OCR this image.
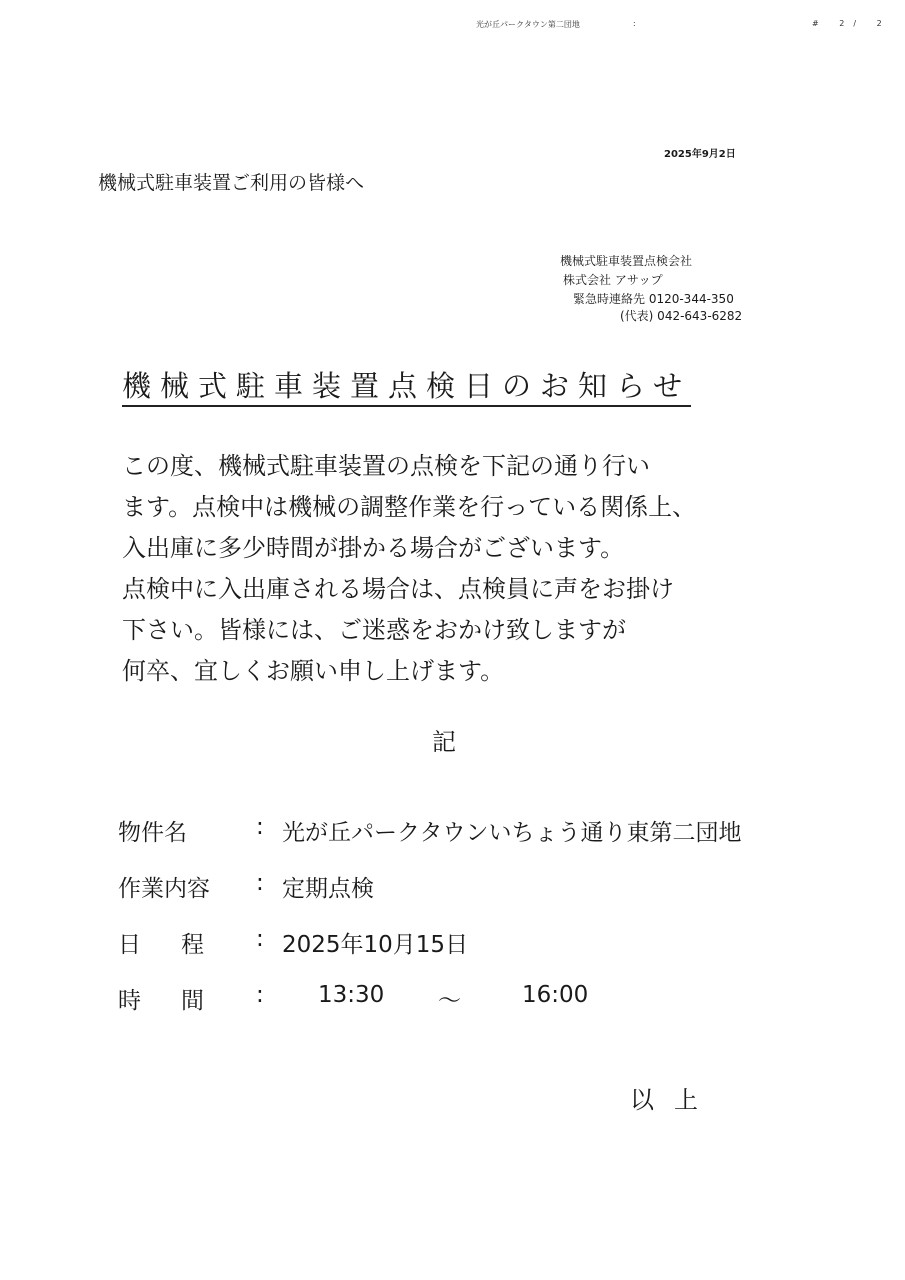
光が丘パークタウン第二団地	:	# 2/ 2
2025年9月2日
機械式駐車装置ご利用の皆様へ
機械式駐車装置点検会社
株式会社 アサップ
緊急時連絡先 0120-344-350
(代表) 042-643-6282
機械式駐車装置点検日のお知らせ
この度、機械式駐車装置の点検を下記の通り行い
ます。点検中は機械の調整作業を行っている関係上、
入出庫に多少時間が掛かる場合がございます。
点検中に入出庫される場合は、点検員に声をお掛け
下さい。皆様には、ご迷惑をおかけ致しますが
何卒、宜しくお願い申し上げます。
記
物件名	: 光が丘パークタウンいちょう通り東第二団地
作業内容	: 定期点検
日程 : 2025年10月15日
時間 : 13:30 〜	16:00
以上
